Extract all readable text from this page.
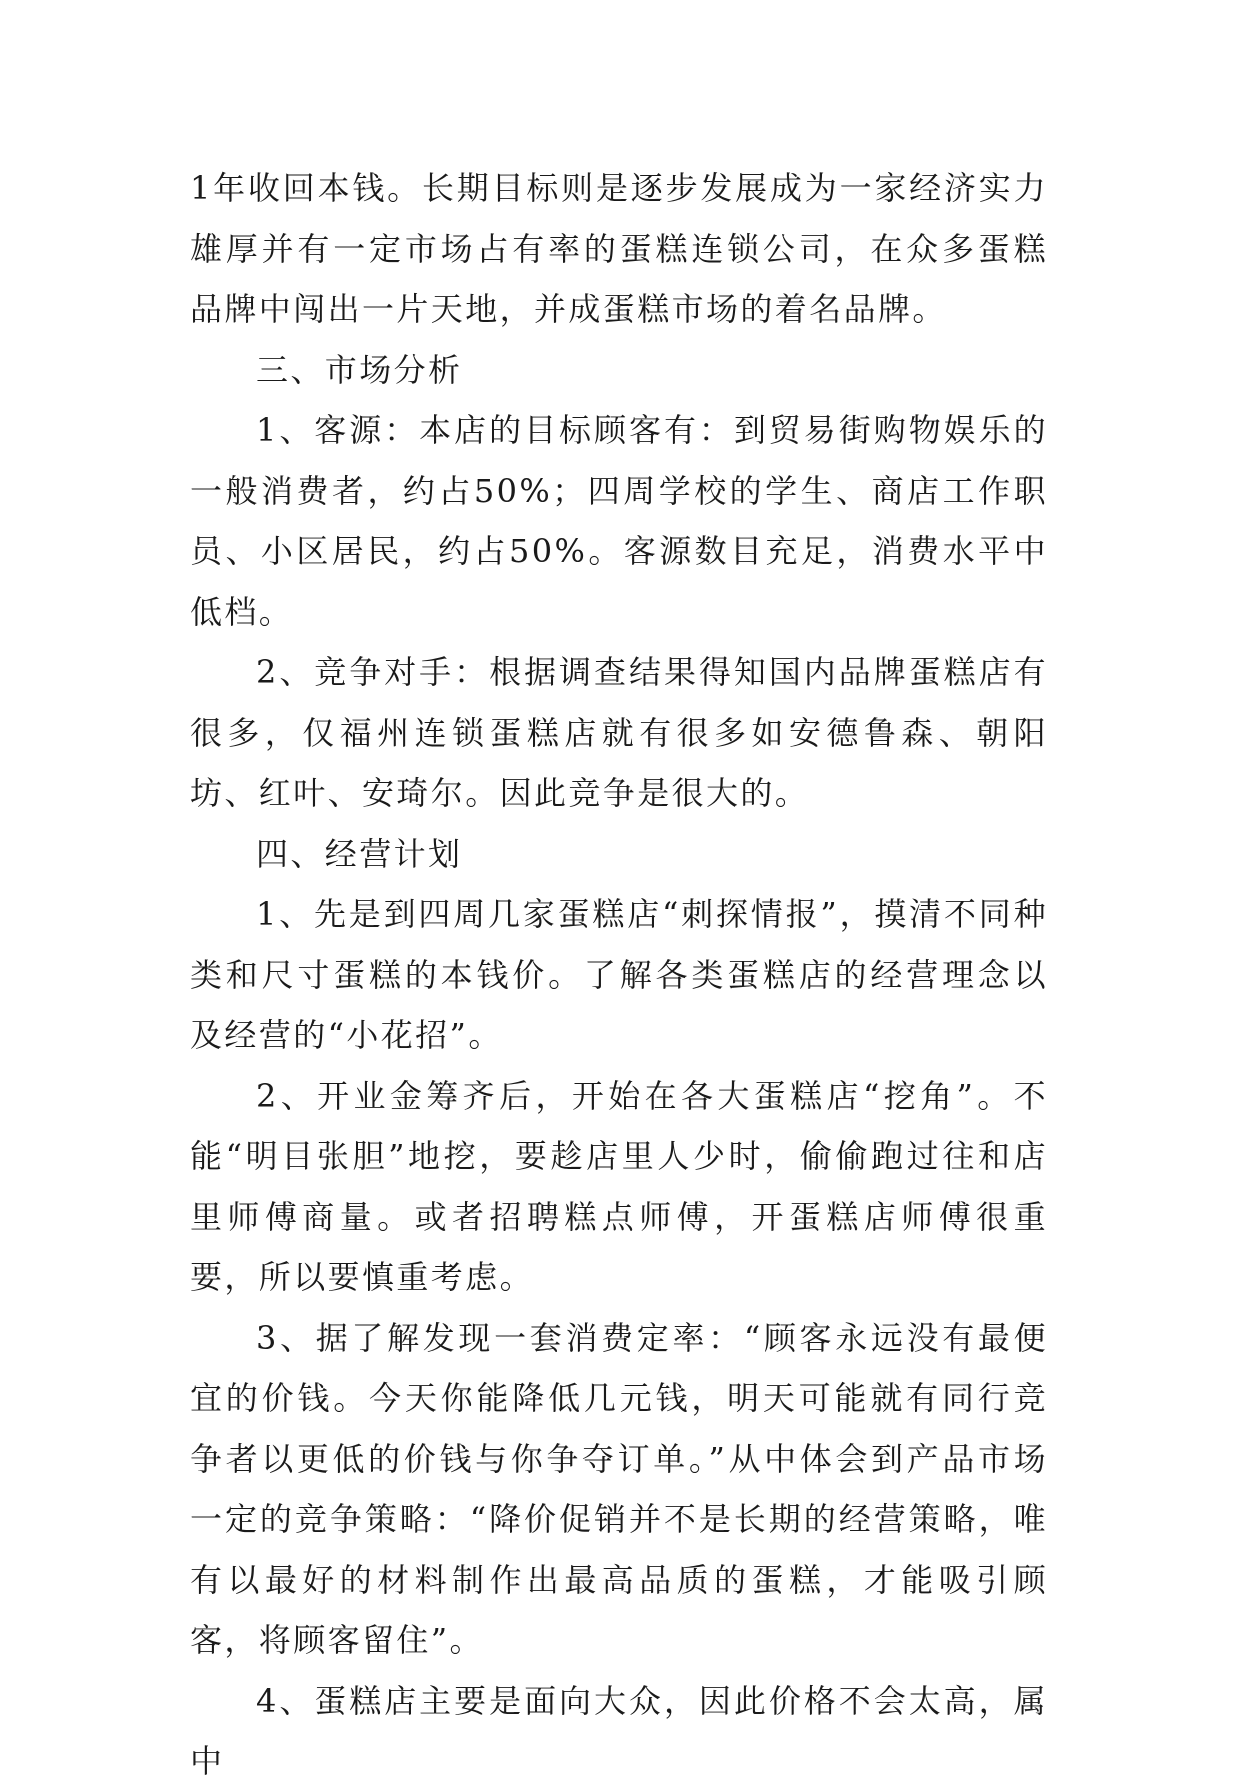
1年收回本钱。长期目标则是逐步发展成为一家经济实力雄厚并有一定市场占有率的蛋糕连锁公司，在众多蛋糕品牌中闯出一片天地，并成蛋糕市场的着名品牌。

三、市场分析

1、客源：本店的目标顾客有：到贸易街购物娱乐的一般消费者，约占50%；四周学校的学生、商店工作职员、小区居民，约占50%。客源数目充足，消费水平中低档。

2、竞争对手：根据调查结果得知国内品牌蛋糕店有很多，仅福州连锁蛋糕店就有很多如安德鲁森、朝阳坊、红叶、安琦尔。因此竞争是很大的。

四、经营计划

1、先是到四周几家蛋糕店“刺探情报”，摸清不同种类和尺寸蛋糕的本钱价。了解各类蛋糕店的经营理念以及经营的“小花招”。

2、开业金筹齐后，开始在各大蛋糕店“挖角”。不能“明目张胆”地挖，要趁店里人少时，偷偷跑过往和店里师傅商量。或者招聘糕点师傅，开蛋糕店师傅很重要，所以要慎重考虑。

3、据了解发现一套消费定率：“顾客永远没有最便宜的价钱。今天你能降低几元钱，明天可能就有同行竞争者以更低的价钱与你争夺订单。”从中体会到产品市场一定的竞争策略：“降价促销并不是长期的经营策略，唯有以最好的材料制作出最高品质的蛋糕，才能吸引顾客，将顾客留住”。

4、蛋糕店主要是面向大众，因此价格不会太高，属中
